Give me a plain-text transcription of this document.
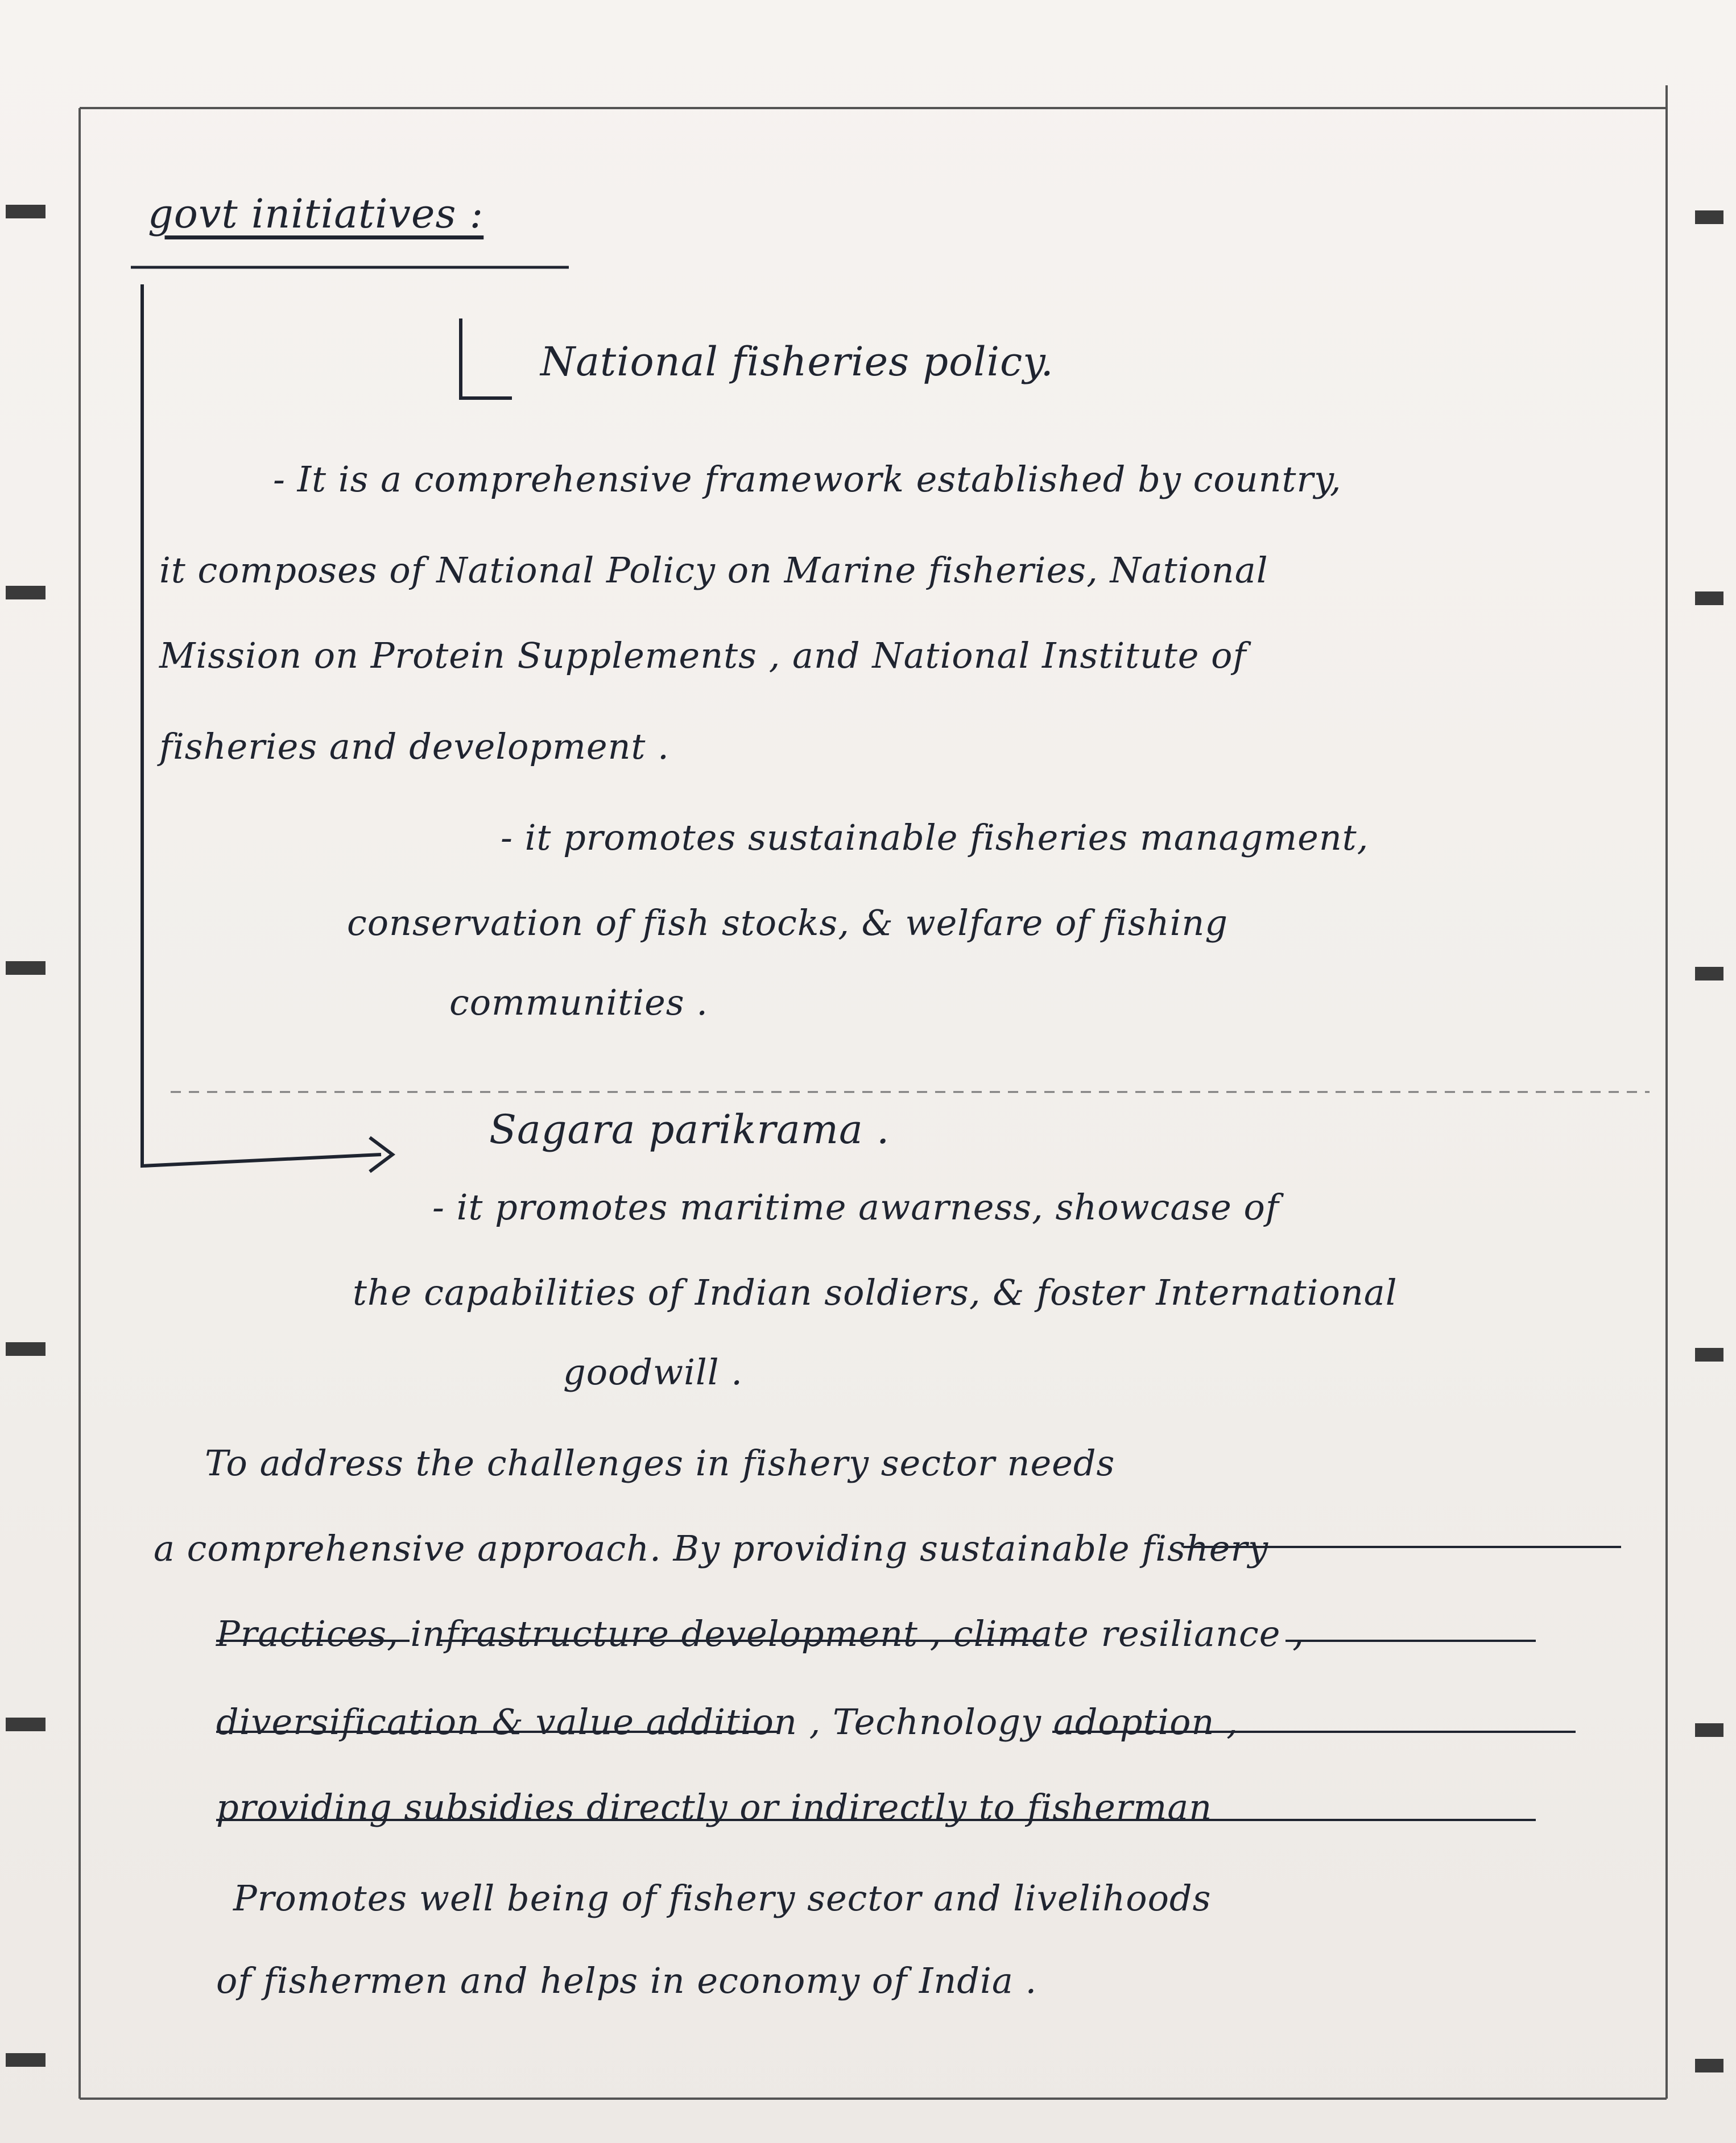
govt initiatives :

National fisheries policy.

- It is a comprehensive framework established by country,

it composes of National Policy on Marine fisheries, National

Mission on Protein Supplements , and National Institute of

fisheries and development .

- it promotes sustainable fisheries managment,

conservation of fish stocks, & welfare of fishing

communities .

Sagara parikrama .

- it promotes maritime awarness, showcase of

the capabilities of Indian soldiers, & foster International

goodwill .

To address the challenges in fishery sector needs

a comprehensive approach. By providing sustainable fishery

Practices, infrastructure development , climate resiliance ,

diversification & value addition , Technology adoption ,

providing subsidies directly or indirectly to fisherman

Promotes well being of fishery sector and livelihoods

of fishermen and helps in economy of India .
